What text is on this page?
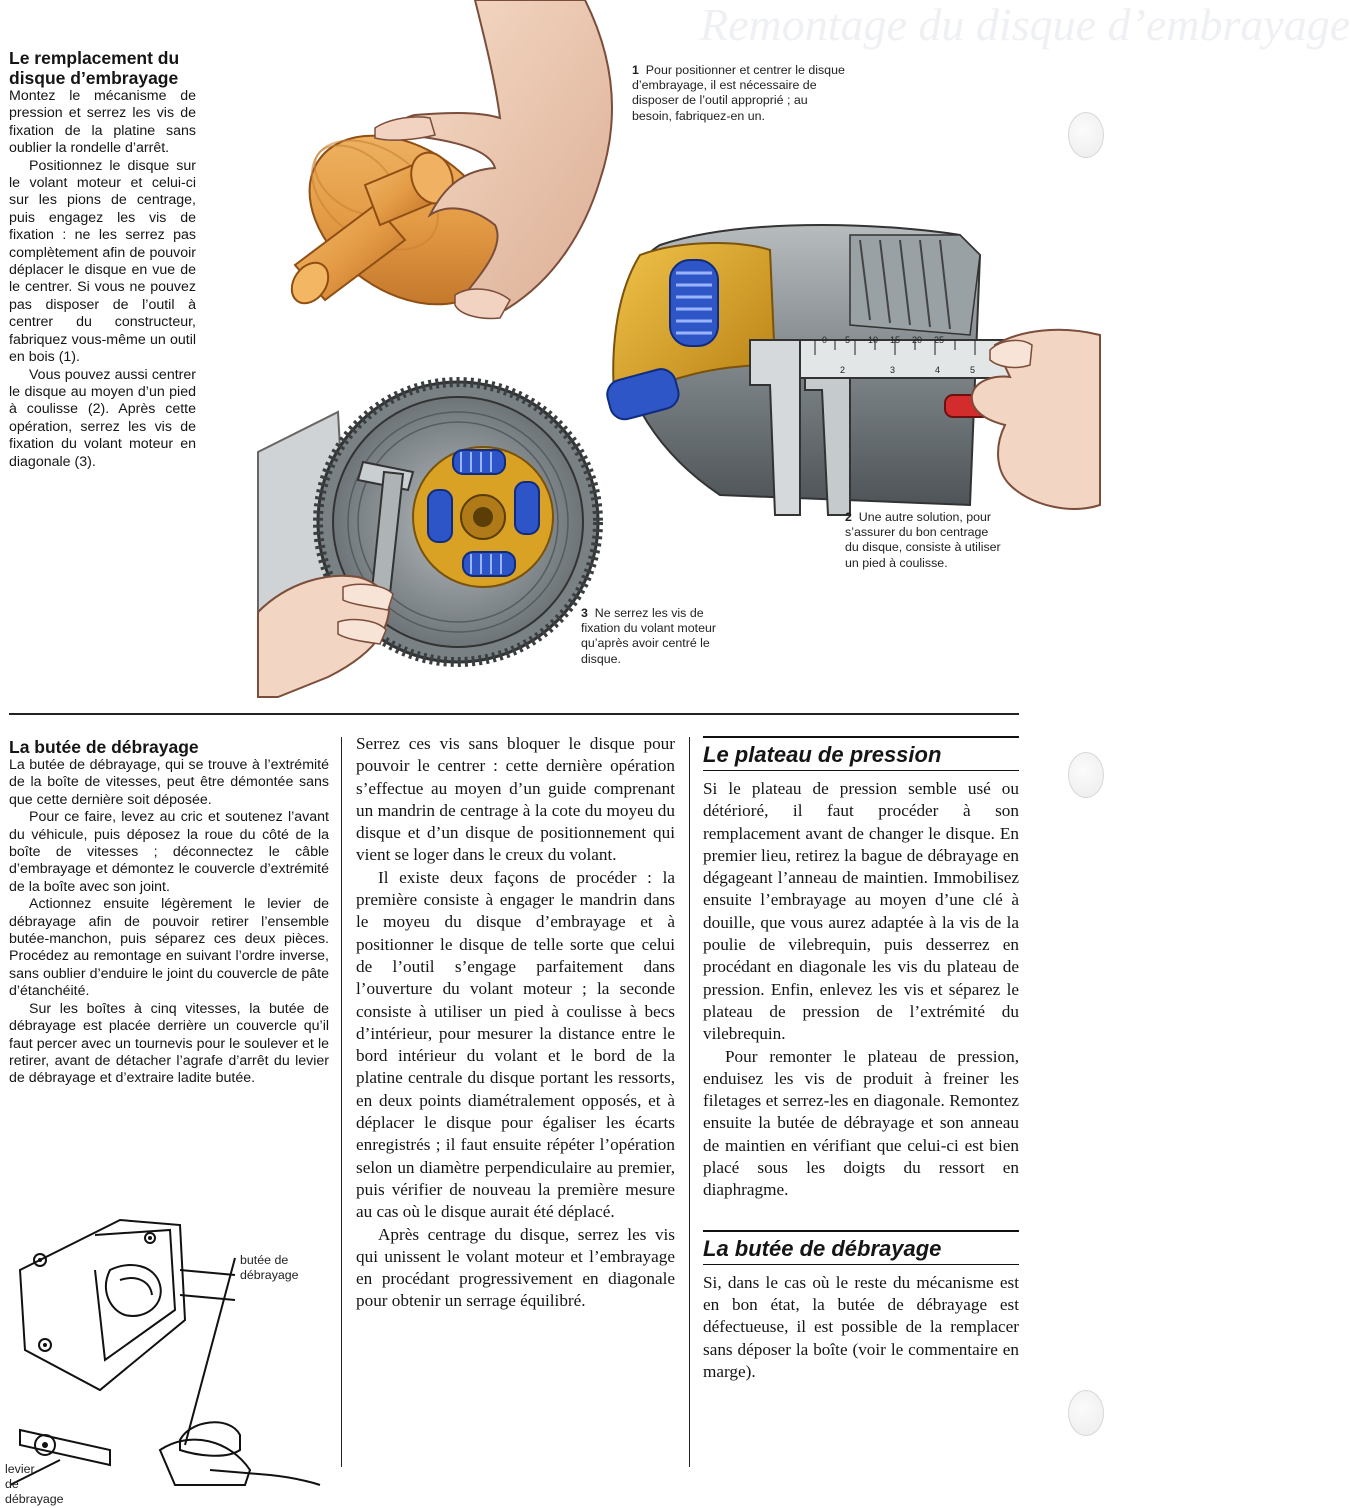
Remontage du disque d’embrayage
Le remplacement du disque d’embrayage

Montez le mécanisme de pression et serrez les vis de fixation de la platine sans oublier la rondelle d’arrêt.

Positionnez le disque sur le volant moteur et celui-ci sur les pions de centrage, puis engagez les vis de fixation : ne les serrez pas complètement afin de pouvoir déplacer le disque en vue de le centrer. Si vous ne pouvez pas disposer de l’outil à centrer du constructeur, fabriquez vous-même un outil en bois (1).

Vous pouvez aussi centrer le disque au moyen d’un pied à coulisse (2). Après cette opération, serrez les vis de fixation du volant moteur en diagonale (3).

1 Pour positionner et centrer le disque d’embrayage, il est nécessaire de disposer de l’outil approprié ; au besoin, fabriquez-en un.
0 5 10 15 20 25
2	3	4	5
2 Une autre solution, pour s’assurer du bon centrage du disque, consiste à utiliser un pied à coulisse.
3 Ne serrez les vis de fixation du volant moteur qu’après avoir centré le disque.
La butée de débrayage

La butée de débrayage, qui se trouve à l’extrémité de la boîte de vitesses, peut être démontée sans que cette dernière soit déposée.

Pour ce faire, levez au cric et soutenez l’avant du véhicule, puis déposez la roue du côté de la boîte de vitesses ; déconnectez le câble d’embrayage et démontez le couvercle d’extrémité de la boîte avec son joint.

Actionnez ensuite légèrement le levier de débrayage afin de pouvoir retirer l’ensemble butée-manchon, puis séparez ces deux pièces. Procédez au remontage en suivant l’ordre inverse, sans oublier d’enduire le joint du couvercle de pâte d’étanchéité.

Sur les boîtes à cinq vitesses, la butée de débrayage est placée derrière un couvercle qu’il faut percer avec un tournevis pour le soulever et le retirer, avant de détacher l’agrafe d’arrêt du levier de débrayage et d’extraire ladite butée.

butée de débrayage
levier de débrayage

Serrez ces vis sans bloquer le disque pour pouvoir le centrer : cette dernière opération s’effectue au moyen d’un guide comprenant un mandrin de centrage à la cote du moyeu du disque et d’un disque de positionnement qui vient se loger dans le creux du volant.

Il existe deux façons de procéder : la première consiste à engager le mandrin dans le moyeu du disque d’embrayage et à positionner le disque de telle sorte que celui de l’outil s’engage parfaitement dans l’ouverture du volant moteur ; la seconde consiste à utiliser un pied à coulisse à becs d’intérieur, pour mesurer la distance entre le bord intérieur du volant et le bord de la platine centrale du disque portant les ressorts, en deux points diamétralement opposés, et à déplacer le disque pour égaliser les écarts enregistrés ; il faut ensuite répéter l’opération selon un diamètre perpendiculaire au premier, puis vérifier de nouveau la première mesure au cas où le disque aurait été déplacé.

Après centrage du disque, serrez les vis qui unissent le volant moteur et l’embrayage en procédant progressivement en diagonale pour obtenir un serrage équilibré.

Le plateau de pression

Si le plateau de pression semble usé ou détérioré, il faut procéder à son remplacement avant de changer le disque. En premier lieu, retirez la bague de débrayage en dégageant l’anneau de maintien. Immobilisez ensuite l’embrayage au moyen d’une clé à douille, que vous aurez adaptée à la vis de la poulie de vilebrequin, puis desserrez en procédant en diagonale les vis du plateau de pression. Enfin, enlevez les vis et séparez le plateau de pression de l’extrémité du vilebrequin.

Pour remonter le plateau de pression, enduisez les vis de produit à freiner les filetages et serrez-les en diagonale. Remontez ensuite la butée de débrayage et son anneau de maintien en vérifiant que celui-ci est bien placé sous les doigts du ressort en diaphragme.

La butée de débrayage

Si, dans le cas où le reste du mécanisme est en bon état, la butée de débrayage est défectueuse, il est possible de la remplacer sans déposer la boîte (voir le commentaire en marge).
